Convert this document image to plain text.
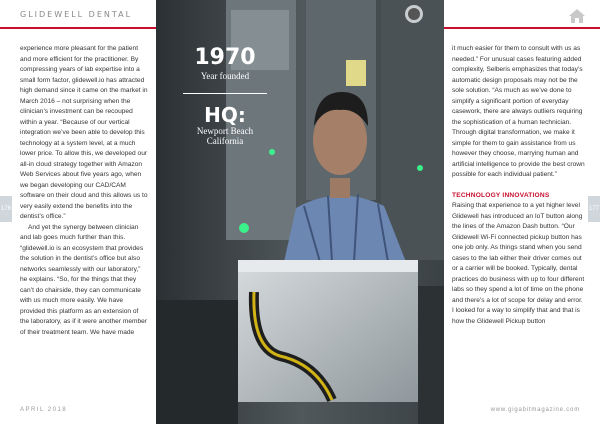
GLIDEWELL DENTAL

experience more pleasant for the patient and more efficient for the practitioner. By compressing years of lab expertise into a small form factor, glidewell.io has attracted high demand since it came on the market in March 2016 – not surprising when the clinician’s investment can be recouped within a year. “Because of our vertical integration we’ve been able to develop this technology at a system level, at a much lower price. To allow this, we developed our all-in cloud strategy together with Amazon Web Services about five years ago, when we began developing our CAD/CAM software on their cloud and this allows us to very easily extend the benefits into the dentist’s office.”

And yet the synergy between clinician and lab goes much further than this. “glidewell.io is an ecosystem that provides the solution in the dentist’s office but also networks seamlessly with our laboratory,” he explains. “So, for the things that they can’t do chairside, they can communicate with us much more easily. We have provided this platform as an extension of the laboratory, as if it were another member of their treatment team. We have made

1970
Year founded
HQ:
Newport Beach
California

it much easier for them to consult with us as needed.” For unusual cases featuring added complexity, Selberis emphasizes that today’s automatic design proposals may not be the sole solution. “As much as we’ve done to simplify a significant portion of everyday casework, there are always outliers requiring the sophistication of a human technician. Through digital transformation, we make it simple for them to gain assistance from us however they choose, marrying human and artificial intelligence to provide the best crown possible for each individual patient.”

TECHNOLOGY INNOVATIONS

Raising that experience to a yet higher level Glidewell has introduced an IoT button along the lines of the Amazon Dash button. “Our Glidewell Wi-Fi connected pickup button has one job only. As things stand when you send cases to the lab either their driver comes out or a carrier will be booked. Typically, dental practices do business with up to four different labs so they spend a lot of time on the phone and there’s a lot of scope for delay and error. I looked for a way to simplify that and that is how the Glidewell Pickup button

176	177
APRIL 2018	www.gigabitmagazine.com
